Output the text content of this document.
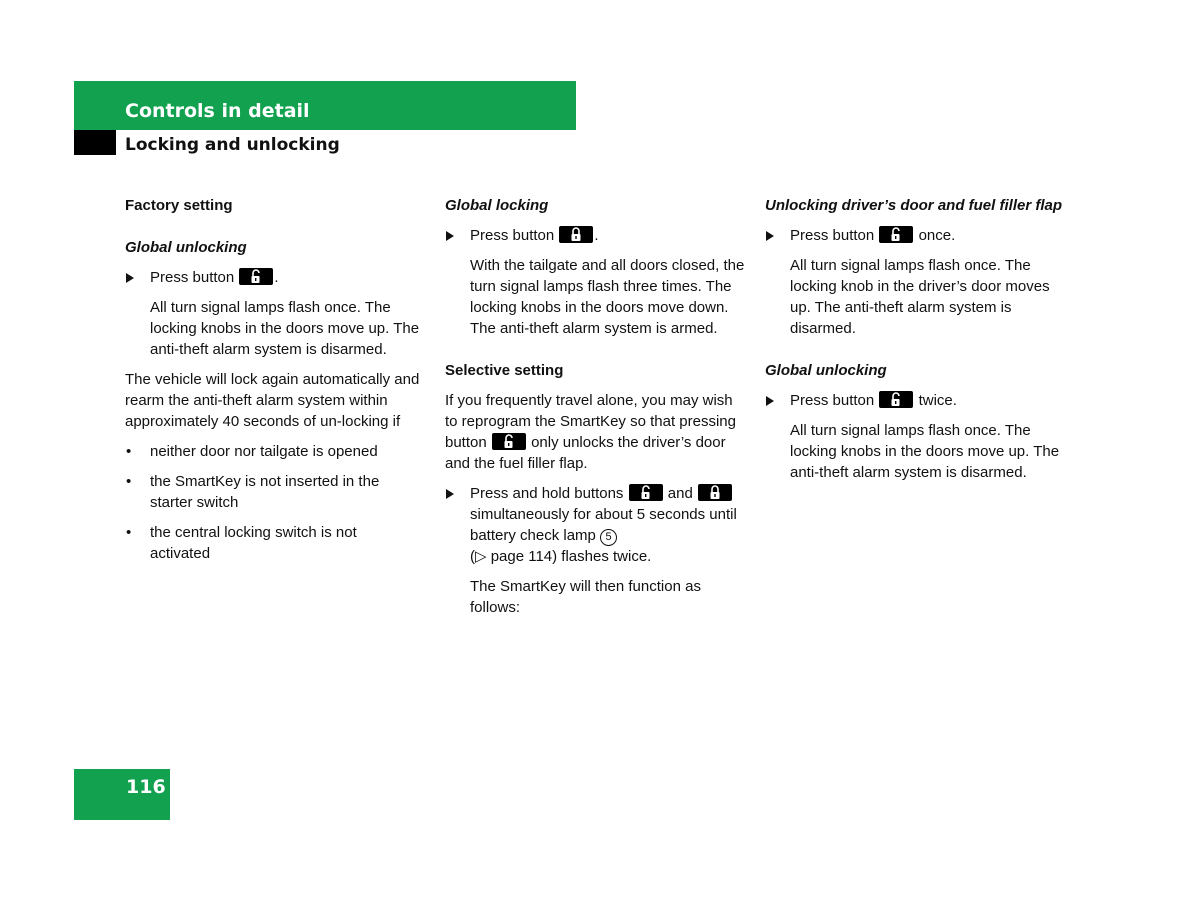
Controls in detail
Locking and unlocking
Factory setting
Global unlocking
Press button	.

All turn signal lamps flash once. The locking knobs in the doors move up. The anti-theft alarm system is disarmed.

The vehicle will lock again automatically and rearm the anti-theft alarm system within approximately 40 seconds of un-locking if

• neither door nor tailgate is opened
• the SmartKey is not inserted in the starter switch
• the central locking switch is not activated
Global locking
Press button	.

With the tailgate and all doors closed, the turn signal lamps flash three times. The locking knobs in the doors move down. The anti-theft alarm system is armed.

Selective setting

If you frequently travel alone, you may wish to reprogram the SmartKey so that pressing button	only unlocks the driver’s door and the fuel filler flap.

Press and hold buttons	and
simultaneously for about 5 seconds until battery check lamp 5
(▷ page 114) flashes twice.

The SmartKey will then function as follows:

Unlocking driver’s door and fuel filler flap
Press button	once.

All turn signal lamps flash once. The locking knob in the driver’s door moves up. The anti-theft alarm system is disarmed.

Global unlocking
Press button	twice.

All turn signal lamps flash once. The locking knobs in the doors move up. The anti-theft alarm system is disarmed.

116
